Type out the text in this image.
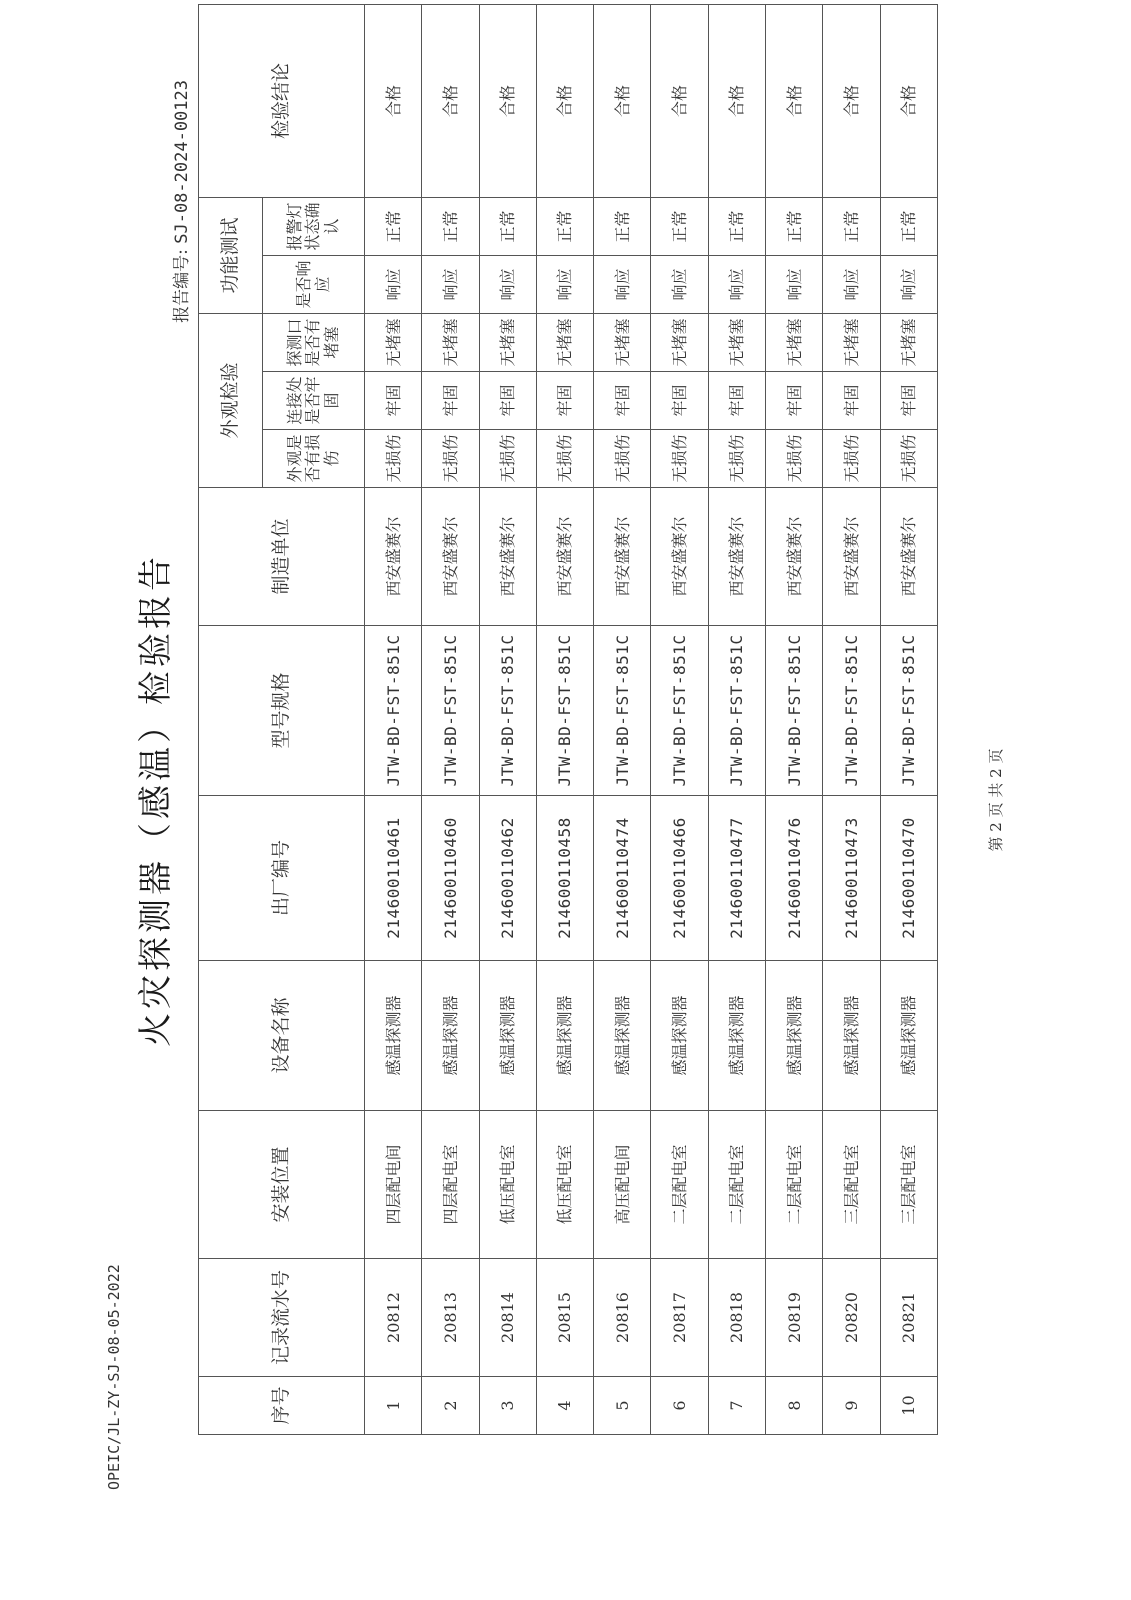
OPEIC/JL-ZY-SJ-08-05-2022
火灾探测器（感温）检验报告
报告编号: SJ-08-2024-00123
序号	记录流水号	安装位置	设备名称	出厂编号	型号规格	制造单位	外观检验			功能测试		检验结论
							外观是否有损伤	连接处是否牢固	探测口是否有堵塞	是否响应	报警灯状态确认	
1	20812	四层配电间	感温探测器	214600110461	JTW-BD-FST-851C	西安盛赛尔	无损伤	牢固	无堵塞	响应	正常	合格
2	20813	四层配电室	感温探测器	214600110460	JTW-BD-FST-851C	西安盛赛尔	无损伤	牢固	无堵塞	响应	正常	合格
3	20814	低压配电室	感温探测器	214600110462	JTW-BD-FST-851C	西安盛赛尔	无损伤	牢固	无堵塞	响应	正常	合格
4	20815	低压配电室	感温探测器	214600110458	JTW-BD-FST-851C	西安盛赛尔	无损伤	牢固	无堵塞	响应	正常	合格
5	20816	高压配电间	感温探测器	214600110474	JTW-BD-FST-851C	西安盛赛尔	无损伤	牢固	无堵塞	响应	正常	合格
6	20817	二层配电室	感温探测器	214600110466	JTW-BD-FST-851C	西安盛赛尔	无损伤	牢固	无堵塞	响应	正常	合格
7	20818	二层配电室	感温探测器	214600110477	JTW-BD-FST-851C	西安盛赛尔	无损伤	牢固	无堵塞	响应	正常	合格
8	20819	二层配电室	感温探测器	214600110476	JTW-BD-FST-851C	西安盛赛尔	无损伤	牢固	无堵塞	响应	正常	合格
9	20820	三层配电室	感温探测器	214600110473	JTW-BD-FST-851C	西安盛赛尔	无损伤	牢固	无堵塞	响应	正常	合格
10	20821	三层配电室	感温探测器	214600110470	JTW-BD-FST-851C	西安盛赛尔	无损伤	牢固	无堵塞	响应	正常	合格
第 2 页 共 2 页
